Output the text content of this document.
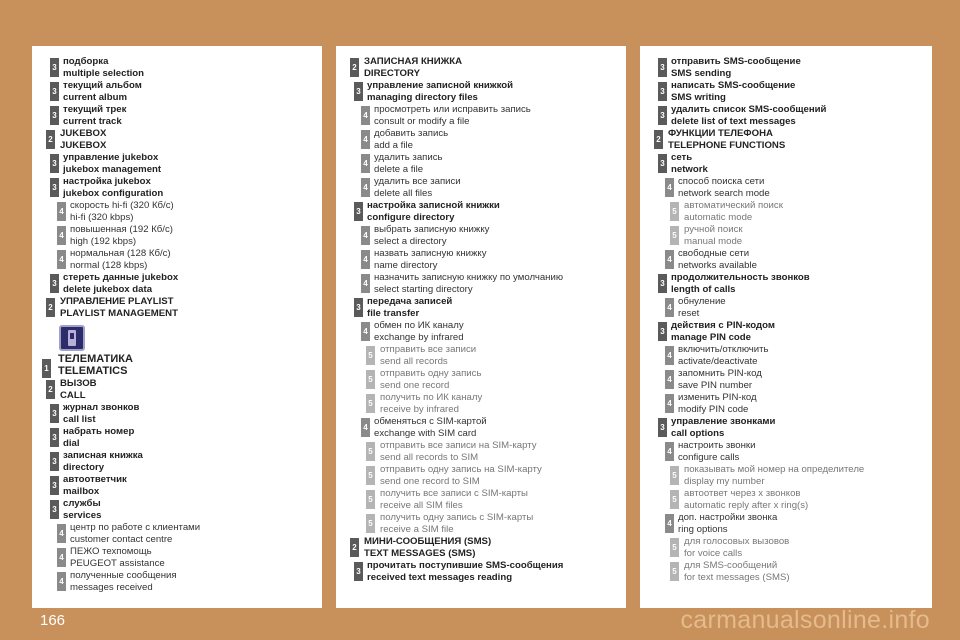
3
подборка
multiple selection
3
текущий альбом
current album
3
текущий трек
current track
2
JUKEBOX
JUKEBOX
3
управление jukebox
jukebox management
3
настройка jukebox
jukebox configuration
4
скорость hi-fi (320 Кб/с)
hi-fi (320 kbps)
4
повышенная (192 Кб/с)
high (192 kbps)
4
нормальная (128 Кб/с)
normal (128 kbps)
3
стереть данные jukebox
delete jukebox data
2
УПРАВЛЕНИЕ PLAYLIST
PLAYLIST MANAGEMENT
1
ТЕЛЕМАТИКА
TELEMATICS
2
ВЫЗОВ
CALL
3
журнал звонков
call list
3
набрать номер
dial
3
записная книжка
directory
3
автоответчик
mailbox
3
службы
services
4
центр по работе с клиентами
customer contact centre
4
ПЕЖО техпомощь
PEUGEOT assistance
4
полученные сообщения
messages received
2
ЗАПИСНАЯ КНИЖКА
DIRECTORY
3
управление записной книжкой
managing directory files
4
просмотреть или исправить запись
consult or modify a file
4
добавить запись
add a file
4
удалить запись
delete a file
4
удалить все записи
delete all files
3
настройка записной книжки
configure directory
4
выбрать записную книжку
select a directory
4
назвать записную книжку
name directory
4
назначить записную книжку по умолчанию
select starting directory
3
передача записей
file transfer
4
обмен по ИК каналу
exchange by infrared
5
отправить все записи
send all records
5
отправить одну запись
send one record
5
получить по ИК каналу
receive by infrared
4
обменяться с SIM-картой
exchange with SIM card
5
отправить все записи на SIM-карту
send all records to SIM
5
отправить одну запись на SIM-карту
send one record to SIM
5
получить все записи с SIM-карты
receive all SIM files
5
получить одну запись с SIM-карты
receive a SIM file
2
МИНИ-СООБЩЕНИЯ (SMS)
TEXT MESSAGES (SMS)
3
прочитать поступившие SMS-сообщения
received text messages reading
3
отправить SMS-сообщение
SMS sending
3
написать SMS-сообщение
SMS writing
3
удалить список SMS-сообщений
delete list of text messages
2
ФУНКЦИИ ТЕЛЕФОНА
TELEPHONE FUNCTIONS
3
сеть
network
4
способ поиска сети
network search mode
5
автоматический поиск
automatic mode
5
ручной поиск
manual mode
4
свободные сети
networks available
3
продолжительность звонков
length of calls
4
обнуление
reset
3
действия с PIN-кодом
manage PIN code
4
включить/отключить
activate/deactivate
4
запомнить PIN-код
save PIN number
4
изменить PIN-код
modify PIN code
3
управление звонками
call options
4
настроить звонки
configure calls
5
показывать мой номер на определителе
display my number
5
автоответ через x звонков
automatic reply after x ring(s)
4
доп. настройки звонка
ring options
5
для голосовых вызовов
for voice calls
5
для SMS-сообщений
for text messages (SMS)
166	carmanualsonline.info
